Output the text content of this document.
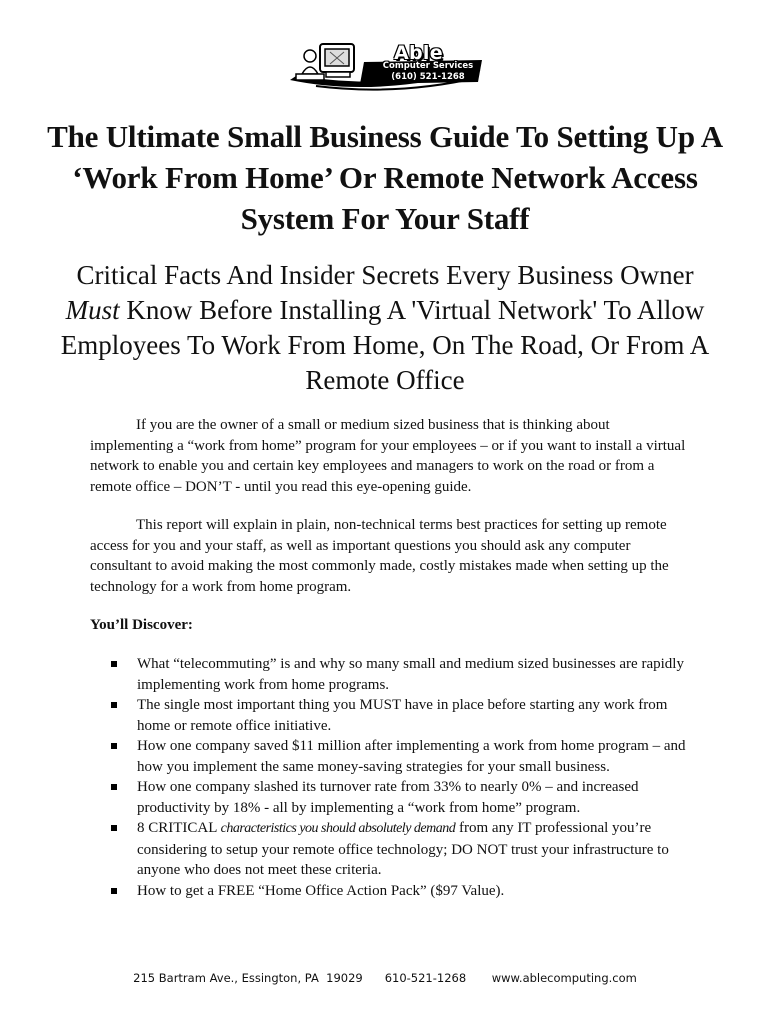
Able
Computer Services
(610) 521-1268
The Ultimate Small Business Guide To Setting Up A ‘Work From Home’ Or Remote Network Access System For Your Staff

Critical Facts And Insider Secrets Every Business Owner
Must Know Before Installing A 'Virtual Network' To Allow Employees To Work From Home, On The Road, Or From A Remote Office

If you are the owner of a small or medium sized business that is thinking about implementing a “work from home” program for your employees – or if you want to install a virtual network to enable you and certain key employees and managers to work on the road or from a remote office – DON’T - until you read this eye-opening guide.

This report will explain in plain, non-technical terms best practices for setting up remote access for you and your staff, as well as important questions you should ask any computer consultant to avoid making the most commonly made, costly mistakes made when setting up the technology for a work from home program.

You’ll Discover:

What “telecommuting” is and why so many small and medium sized businesses are rapidly implementing work from home programs.
The single most important thing you MUST have in place before starting any work from home or remote office initiative.
How one company saved $11 million after implementing a work from home program – and how you implement the same money-saving strategies for your small business.
How one company slashed its turnover rate from 33% to nearly 0% – and increased productivity by 18% - all by implementing a “work from home” program.
8 CRITICAL characteristics you should absolutely demand from any IT professional you’re considering to setup your remote office technology; DO NOT trust your infrastructure to anyone who does not meet these criteria.
How to get a FREE “Home Office Action Pack” ($97 Value).
215 Bartram Ave., Essington, PA  19029 610-521-1268 www.ablecomputing.com
